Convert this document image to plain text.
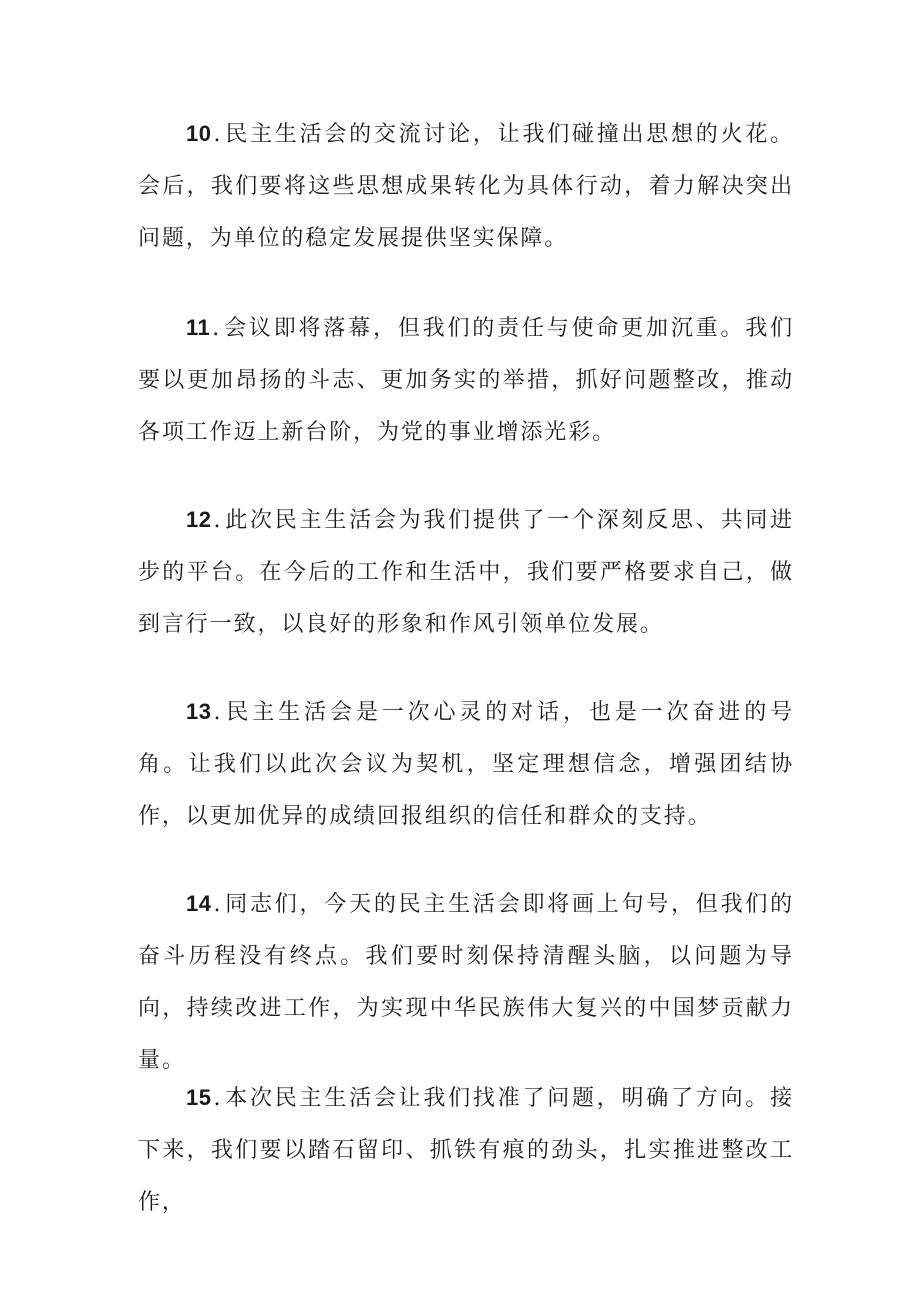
10.民主生活会的交流讨论，让我们碰撞出思想的火花。会后，我们要将这些思想成果转化为具体行动，着力解决突出问题，为单位的稳定发展提供坚实保障。

11.会议即将落幕，但我们的责任与使命更加沉重。我们要以更加昂扬的斗志、更加务实的举措，抓好问题整改，推动各项工作迈上新台阶，为党的事业增添光彩。

12.此次民主生活会为我们提供了一个深刻反思、共同进步的平台。在今后的工作和生活中，我们要严格要求自己，做到言行一致，以良好的形象和作风引领单位发展。

13.民主生活会是一次心灵的对话，也是一次奋进的号角。让我们以此次会议为契机，坚定理想信念，增强团结协作，以更加优异的成绩回报组织的信任和群众的支持。

14.同志们，今天的民主生活会即将画上句号，但我们的奋斗历程没有终点。我们要时刻保持清醒头脑，以问题为导向，持续改进工作，为实现中华民族伟大复兴的中国梦贡献力量。

15.本次民主生活会让我们找准了问题，明确了方向。接下来，我们要以踏石留印、抓铁有痕的劲头，扎实推进整改工作，
